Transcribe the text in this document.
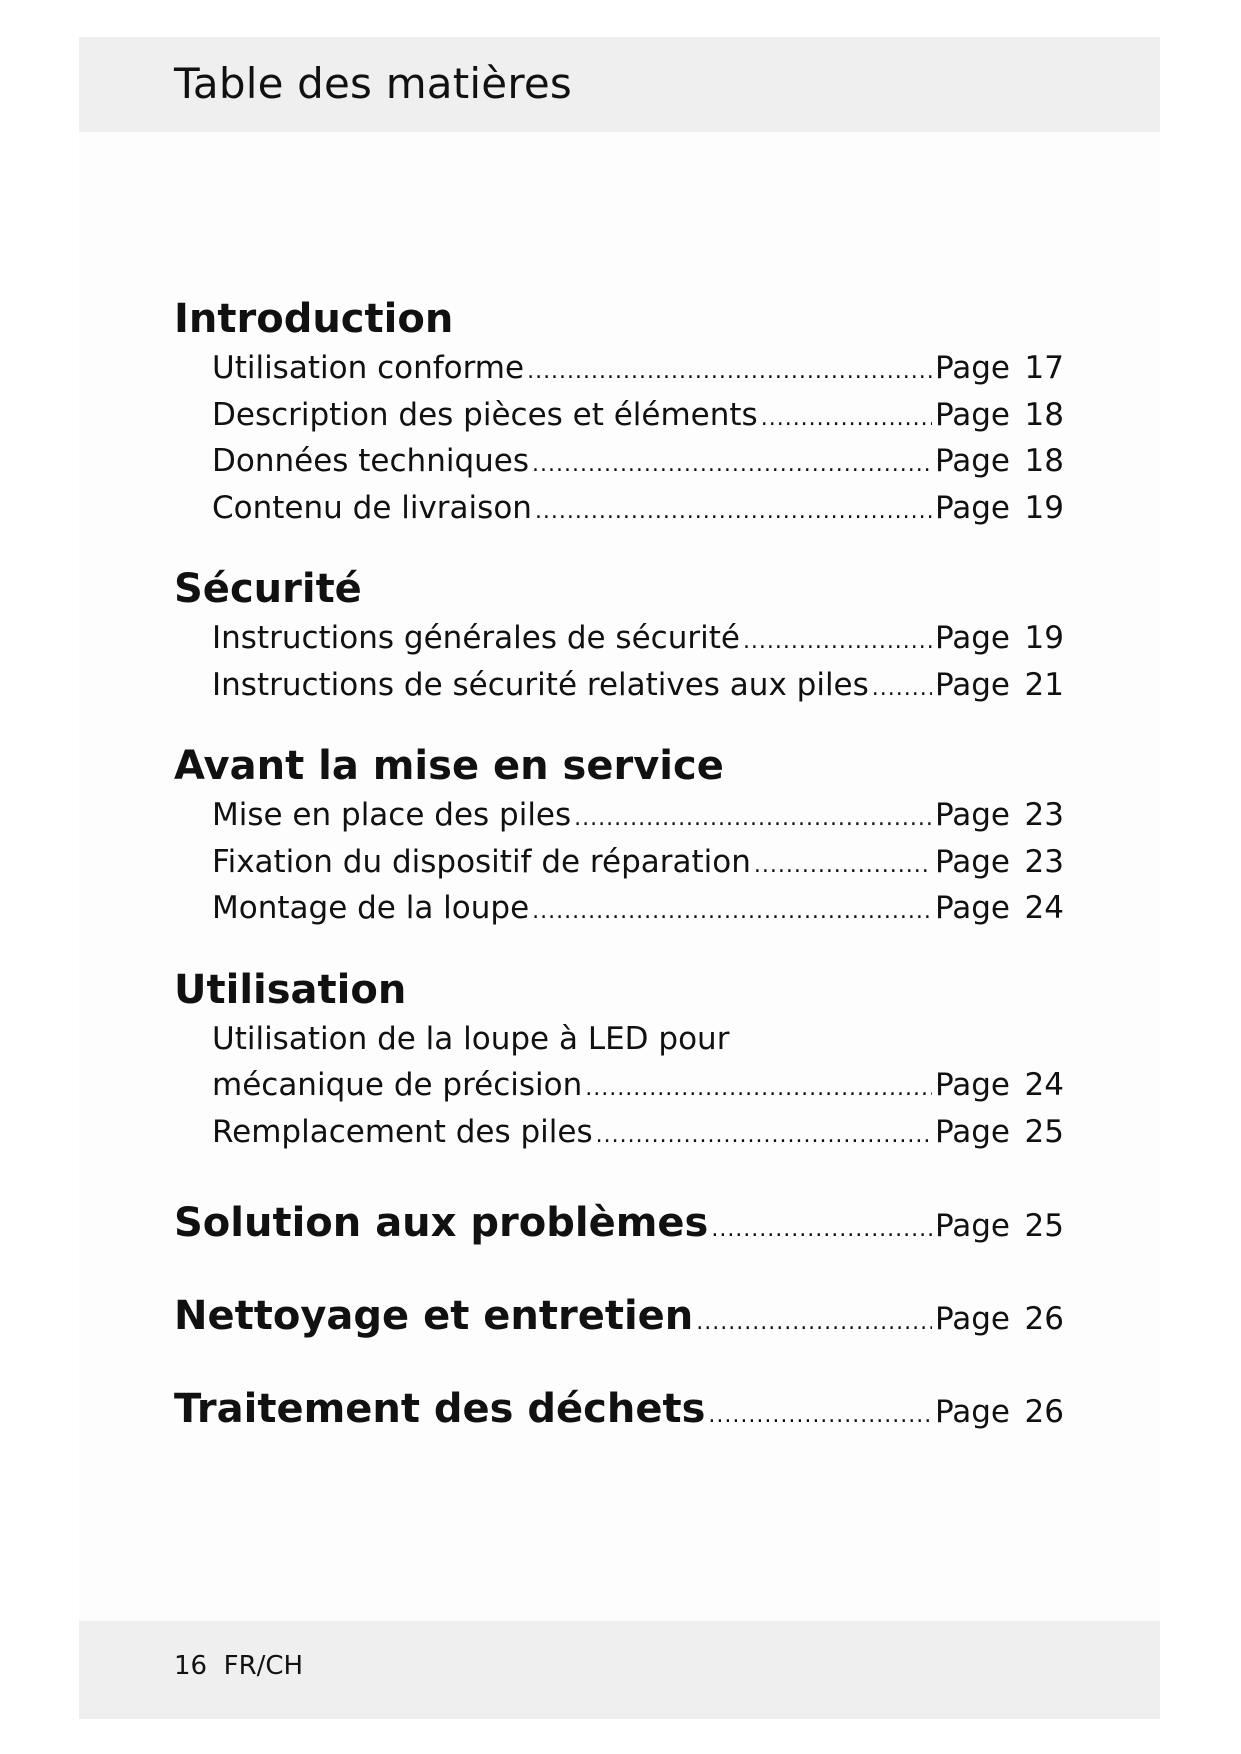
Table des matières
Introduction
Utilisation conforme .....	Page 17
Description des pièces et éléments .....	Page 18
Données techniques .....	Page 18
Contenu de livraison .....	Page 19
Sécurité
Instructions générales de sécurité .....	Page 19
Instructions de sécurité relatives aux piles ..... Page 21
Avant la mise en service
Mise en place des piles .....	Page 23
Fixation du dispositif de réparation .....	Page 23
Montage de la loupe .....	Page 24
Utilisation
Utilisation de la loupe à LED pour
mécanique de précision .....	Page 24
Remplacement des piles .....	Page 25
Solution aux problèmes .....	Page 25
Nettoyage et entretien .....	Page 26
Traitement des déchets .....	Page 26
16 FR/CH
